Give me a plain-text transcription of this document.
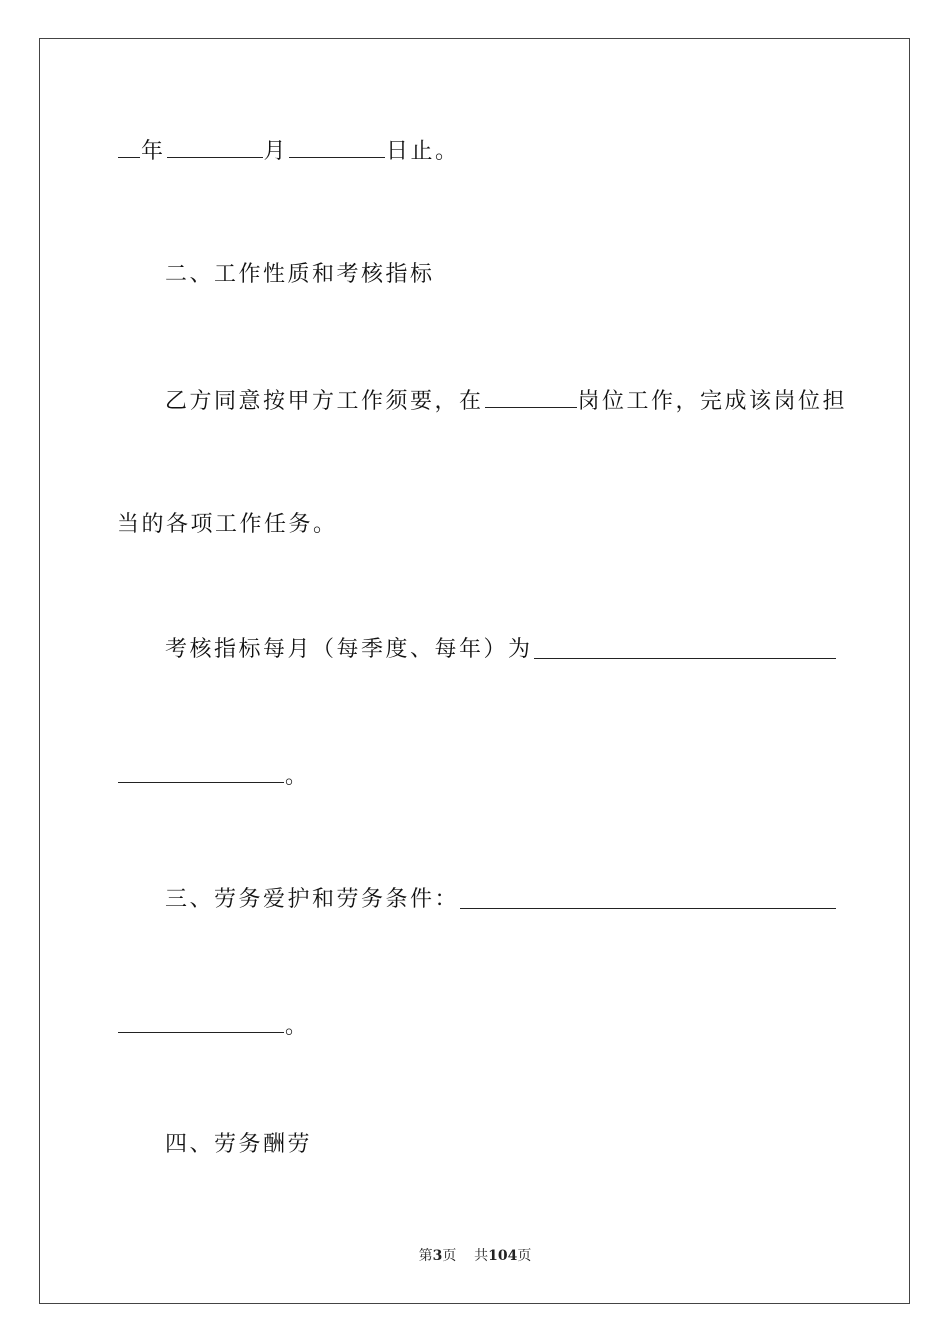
年	月	日止。
二、工作性质和考核指标
乙方同意按甲方工作须要，在	岗位工作，完成该岗位担
当的各项工作任务。
考核指标每月（每季度、每年）为
。
三、劳务爱护和劳务条件：
。
四、劳务酬劳
第3页 共104页
